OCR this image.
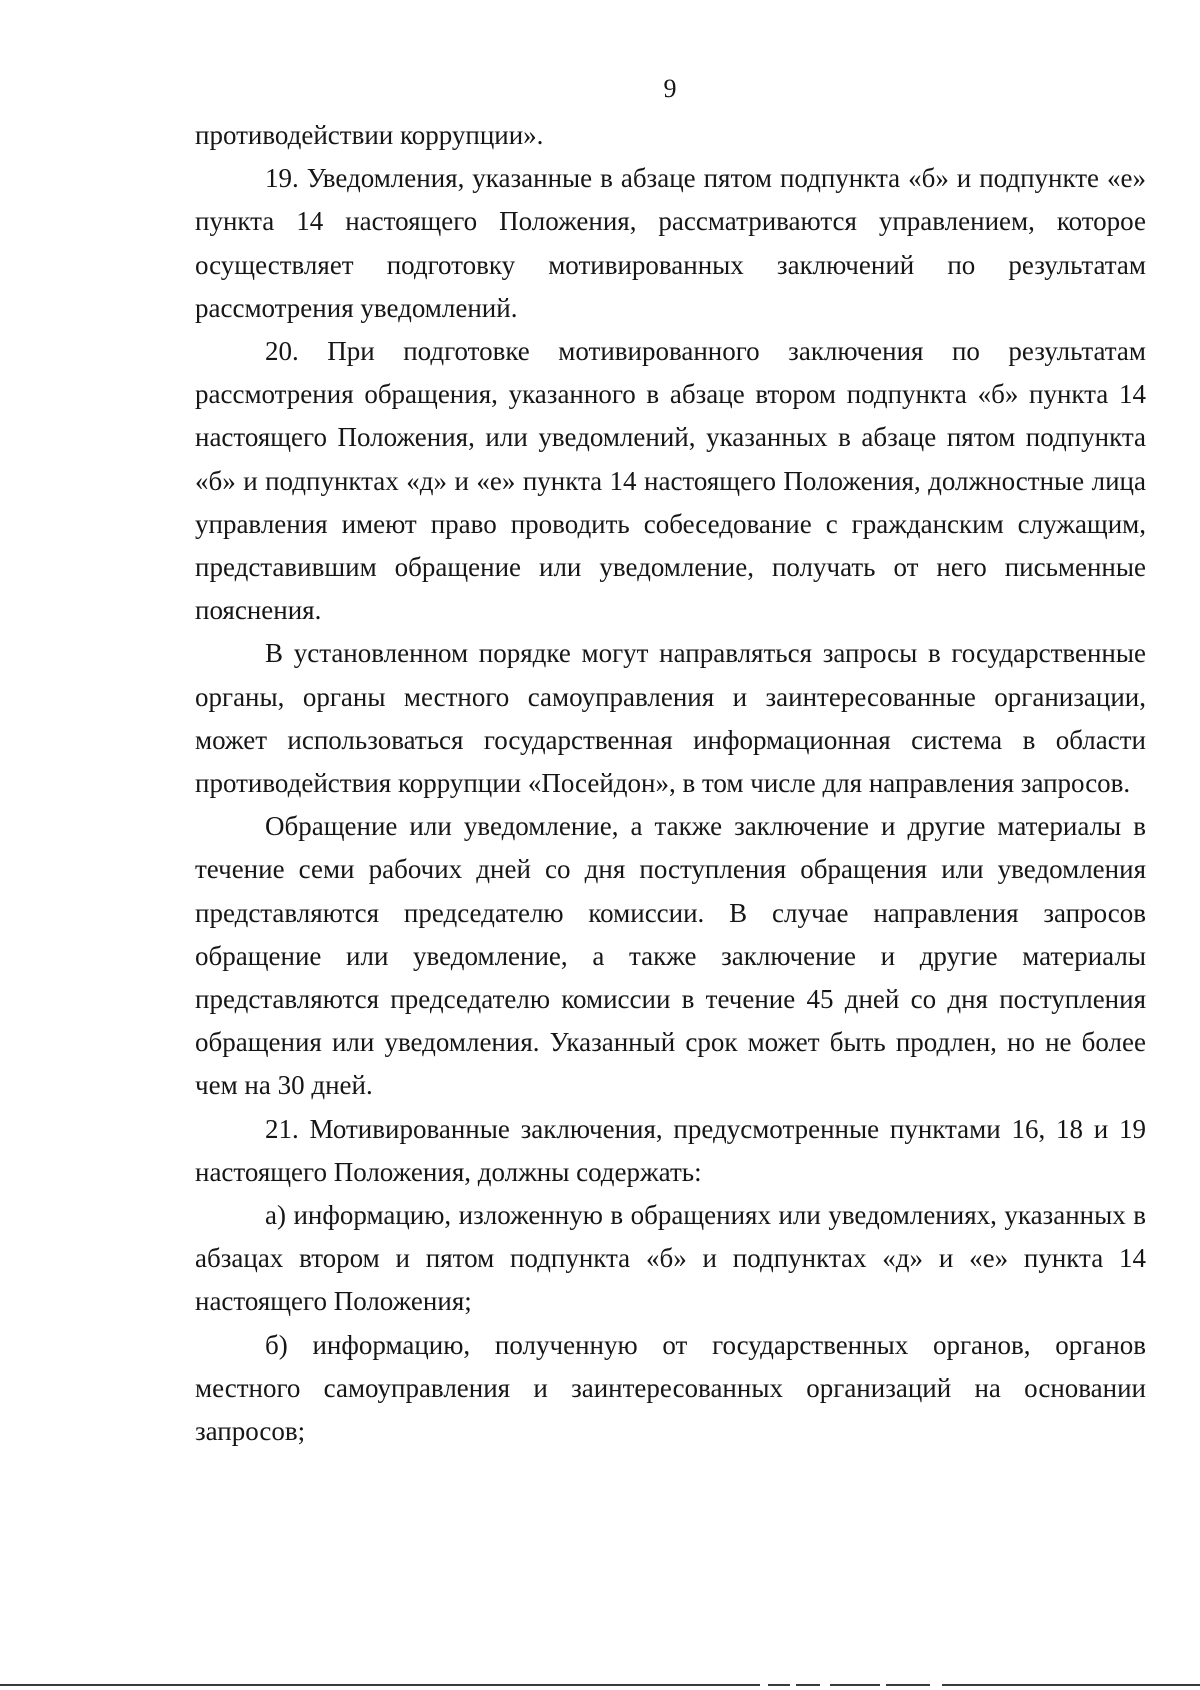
9

противодействии коррупции».

19. Уведомления, указанные в абзаце пятом подпункта «б» и подпункте «е» пункта 14 настоящего Положения, рассматриваются управлением, которое осуществляет подготовку мотивированных заключений по результатам рассмотрения уведомлений.

20. При подготовке мотивированного заключения по результатам рассмотрения обращения, указанного в абзаце втором подпункта «б» пункта 14 настоящего Положения, или уведомлений, указанных в абзаце пятом подпункта «б» и подпунктах «д» и «е» пункта 14 настоящего Положения, должностные лица управления имеют право проводить собеседование с гражданским служащим, представившим обращение или уведомление, получать от него письменные пояснения.

В установленном порядке могут направляться запросы в государственные органы, органы местного самоуправления и заинтересованные организации, может использоваться государственная информационная система в области противодействия коррупции «Посейдон», в том числе для направления запросов.

Обращение или уведомление, а также заключение и другие материалы в течение семи рабочих дней со дня поступления обращения или уведомления представляются председателю комиссии. В случае направления запросов обращение или уведомление, а также заключение и другие материалы представляются председателю комиссии в течение 45 дней со дня поступления обращения или уведомления. Указанный срок может быть продлен, но не более чем на 30 дней.

21. Мотивированные заключения, предусмотренные пунктами 16, 18 и 19 настоящего Положения, должны содержать:

а) информацию, изложенную в обращениях или уведомлениях, указанных в абзацах втором и пятом подпункта «б» и подпунктах «д» и «е» пункта 14 настоящего Положения;

б) информацию, полученную от государственных органов, органов местного самоуправления и заинтересованных организаций на основании запросов;
